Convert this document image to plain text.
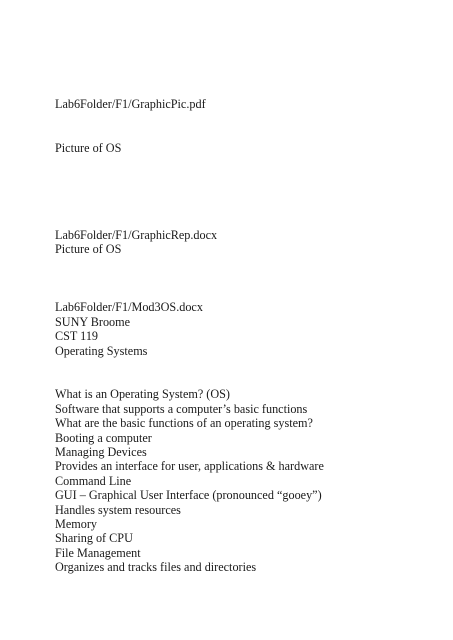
Lab6Folder/F1/GraphicPic.pdf

Picture of OS

Lab6Folder/F1/GraphicRep.docx

Picture of OS

Lab6Folder/F1/Mod3OS.docx

SUNY Broome

CST 119

Operating Systems

What is an Operating System? (OS)

Software that supports a computer’s basic functions

What are the basic functions of an operating system?

Booting a computer

Managing Devices

Provides an interface for user, applications & hardware

Command Line

GUI – Graphical User Interface (pronounced “gooey”)

Handles system resources

Memory

Sharing of CPU

File Management

Organizes and tracks files and directories
